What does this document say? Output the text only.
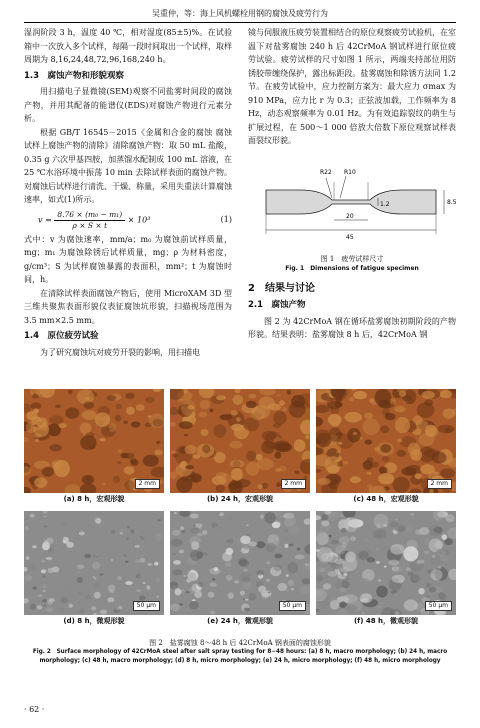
吴重仲，等：海上风机螺栓用钢的腐蚀及疲劳行为

湿润阶段 3 h，温度 40 ℃，相对湿度(85±5)%。在试验箱中一次放入多个试样，每隔一段时间取出一个试样，取样周期为 8,16,24,48,72,96,168,240 h。

1.3　腐蚀产物和形貌观察

用扫描电子显微镜(SEM)观察不同盐雾时间段的腐蚀产物，并用其配备的能谱仪(EDS)对腐蚀产物进行元素分析。

根据 GB/T 16545－2015《金属和合金的腐蚀 腐蚀试样上腐蚀产物的清除》清除腐蚀产物：取 50 mL 盐酸，0.35 g 六次甲基四胺，加蒸馏水配制成 100 mL 溶液，在 25 ℃水浴环境中振荡 10 min 去除试样表面的腐蚀产物。对腐蚀后试样进行清洗、干燥、称量，采用失重法计算腐蚀速率，如式(1)所示。

$v = \frac{\text{8.76 × (m₀ − m₁)}}{\rho \times S \times t} \times 10^3$	(1)

式中：v 为腐蚀速率，mm/a；m₀ 为腐蚀前试样质量，mg；m₁ 为腐蚀除锈后试样质量，mg；ρ 为材料密度，g/cm³；S 为试样腐蚀暴露的表面积，mm²；t 为腐蚀时间，h。

在清除试样表面腐蚀产物后，使用 MicroXAM 3D 型三维共聚焦表面形貌仪表征腐蚀坑形貌，扫描视场范围为 3.5 mm×2.5 mm。

1.4　原位疲劳试验

为了研究腐蚀坑对疲劳开裂的影响，用扫描电

镜与伺服液压疲劳装置相结合的原位观察疲劳试验机，在室温下对盐雾腐蚀 240 h 后 42CrMoA 钢试样进行原位疲劳试验。疲劳试样的尺寸如图 1 所示，两端夹持部位用防锈胶带缠绕保护，露出标距段。盐雾腐蚀和除锈方法同 1.2 节。在疲劳试验中，应力控制方案为：最大应力 σmax 为 910 MPa，应力比 r 为 0.3；正弦波加载，工作频率为 8 Hz，动态观察频率为 0.01 Hz。为有效追踪裂纹的萌生与扩展过程，在 500～1 000 倍放大倍数下原位观察试样表面裂纹形貌。

R22 R10
1.2
20
45
8.5
图 1　疲劳试样尺寸
Fig. 1　Dimensions of fatigue specimen
2　结果与讨论
2.1　腐蚀产物

图 2 为 42CrMoA 钢在循环盐雾腐蚀初期阶段的产物形貌。结果表明：盐雾腐蚀 8 h 后，42CrMoA 钢

2 mm
(a) 8 h，宏观形貌
2 mm
(b) 24 h，宏观形貌
2 mm
(c) 48 h，宏观形貌
50 μm
(d) 8 h，微观形貌
50 μm
(e) 24 h，微观形貌
50 μm
(f) 48 h，微观形貌
图 2　盐雾腐蚀 8～48 h 后 42CrMoA 钢表面的腐蚀形貌
Fig. 2　Surface morphology of 42CrMoA steel after salt spray testing for 8−48 hours: (a) 8 h, macro morphology; (b) 24 h, macro morphology; (c) 48 h, macro morphology; (d) 8 h, micro morphology; (e) 24 h, micro morphology; (f) 48 h, micro morphology
· 62 ·
